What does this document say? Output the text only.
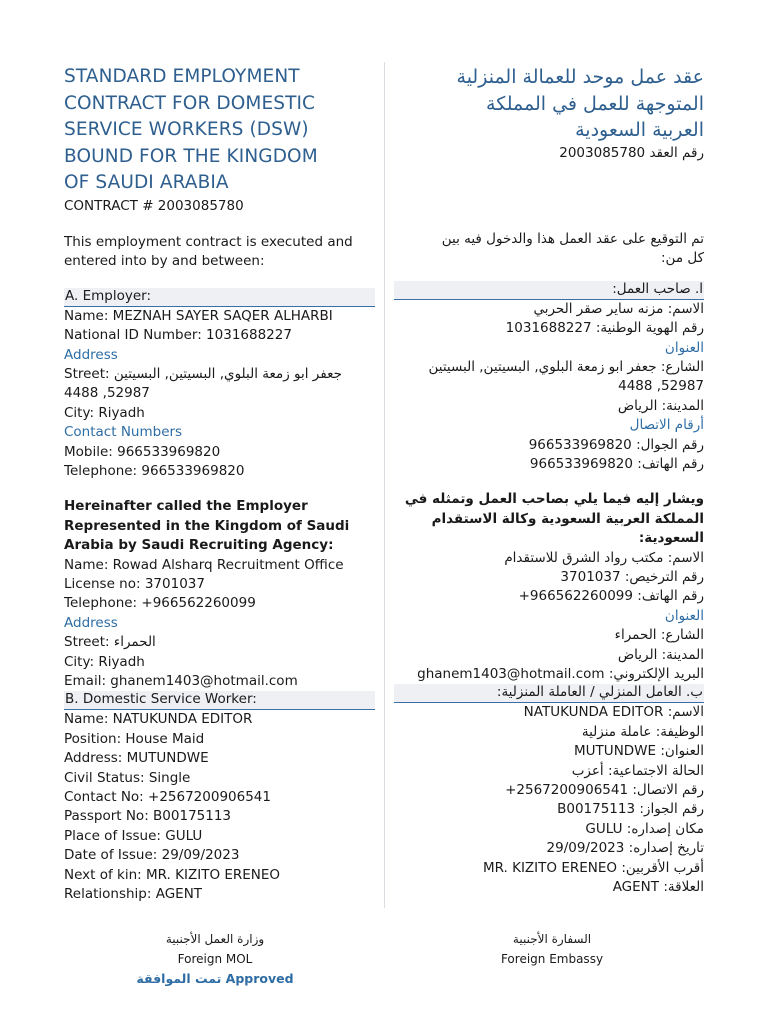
STANDARD EMPLOYMENT
CONTRACT FOR DOMESTIC
SERVICE WORKERS (DSW)
BOUND FOR THE KINGDOM
OF SAUDI ARABIA
CONTRACT # 2003085780
This employment contract is executed and
entered into by and between:
A. Employer:
Name: MEZNAH SAYER SAQER ALHARBI
National ID Number: 1031688227
Address
Street: جعفر ابو زمعة البلوي, البسيتين, البسيتين
4488 ,52987
City: Riyadh
Contact Numbers
Mobile: 966533969820
Telephone: 966533969820
Hereinafter called the Employer
Represented in the Kingdom of Saudi
Arabia by Saudi Recruiting Agency:
Name: Rowad Alsharq Recruitment Office
License no: 3701037
Telephone: +966562260099
Address
Street: الحمراء
City: Riyadh
Email: ghanem1403@hotmail.com
B. Domestic Service Worker:
Name: NATUKUNDA EDITOR
Position: House Maid
Address: MUTUNDWE
Civil Status: Single
Contact No: +2567200906541
Passport No: B00175113
Place of Issue: GULU
Date of Issue: 29/09/2023
Next of kin: MR. KIZITO ERENEO
Relationship: AGENT
عقد عمل موحد للعمالة المنزلية
المتوجهة للعمل في المملكة
العربية السعودية
رقم العقد 2003085780
تم التوقيع على عقد العمل هذا والدخول فيه بين
كل من:
ا. صاحب العمل:
الاسم: مزنه ساير صقر الحربي
رقم الهوية الوطنية: 1031688227
العنوان
الشارع: جعفر ابو زمعة البلوي, البسيتين, البسيتين
4488 ,52987
المدينة: الرياض
أرقام الاتصال
رقم الجوال: 966533969820
رقم الهاتف: 966533969820
ويشار إليه فيما يلي بصاحب العمل وتمثله في
المملكة العربية السعودية وكالة الاستقدام
السعودية:
الاسم: مكتب رواد الشرق للاستقدام
رقم الترخيص: 3701037
رقم الهاتف: +966562260099
العنوان
الشارع: الحمراء
المدينة: الرياض
البريد الإلكتروني: ghanem1403@hotmail.com
ب. العامل المنزلي / العاملة المنزلية:
الاسم: NATUKUNDA EDITOR
الوظيفة: عاملة منزلية
العنوان: MUTUNDWE
الحالة الاجتماعية: أعزب
رقم الاتصال: +2567200906541
رقم الجواز: B00175113
مكان إصداره: GULU
تاريخ إصداره: 29/09/2023
أقرب الأقربين: MR. KIZITO ERENEO
العلاقة: AGENT
وزارة العمل الأجنبية
Foreign MOL
تمت الموافقة Approved
السفارة الأجنبية
Foreign Embassy
